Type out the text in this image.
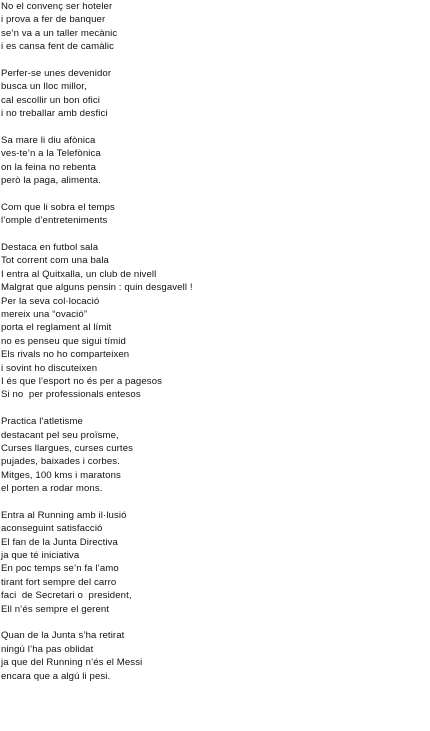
No el convenç ser hoteler
i prova a fer de banquer
se’n va a un taller mecànic
i es cansa fent de camàlic
Perfer-se unes devenidor
busca un lloc millor,
cal escollir un bon ofici
i no treballar amb desfici
Sa mare li diu afònica
ves-te’n a la Telefònica
on la feina no rebenta
però la paga, alimenta.
Com que li sobra el temps
l’omple d’entreteniments
Destaca en futbol sala
Tot corrent com una bala
I entra al Quitxalla, un club de nivell
Malgrat que alguns pensin : quin desgavell !
Per la seva col·locació
mereix una “ovació”
porta el reglament al límit
no es penseu que sigui tímid
Els rivals no ho comparteixen
i sovint ho discuteixen
I és que l’esport no és per a pagesos
Si no  per professionals entesos
Practica l’atletisme
destacant pel seu proïsme,
Curses llargues, curses curtes
pujades, baixades i corbes.
Mitges, 100 kms i maratons
el porten a rodar mons.
Entra al Running amb il·lusió
aconseguint satisfacció
El fan de la Junta Directiva
ja que té iniciativa
En poc temps se’n fa l’amo
tirant fort sempre del carro
faci  de Secretari o  president,
Ell n’és sempre el gerent
Quan de la Junta s’ha retirat
ningú l’ha pas oblidat
ja que del Running n’és el Messi
encara que a algú li pesi.
